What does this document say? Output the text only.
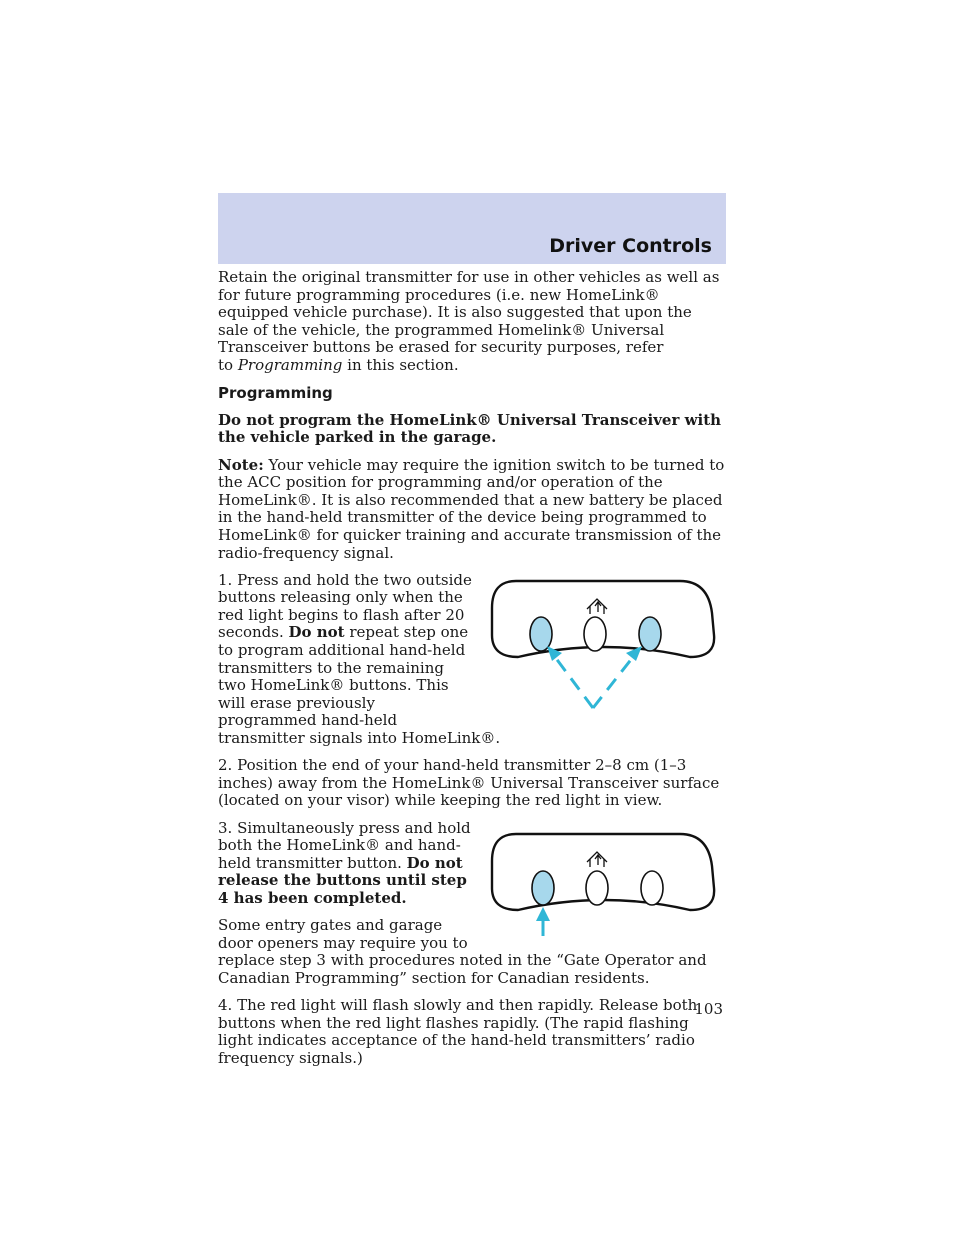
Driver Controls

Retain the original transmitter for use in other vehicles as well as for future programming procedures (i.e. new HomeLink® equipped vehicle purchase). It is also suggested that upon the sale of the vehicle, the programmed Homelink® Universal Transceiver buttons be erased for security purposes, refer to Programming in this section.

Programming

Do not program the HomeLink® Universal Transceiver with the vehicle parked in the garage.

Note: Your vehicle may require the ignition switch to be turned to the ACC position for programming and/or operation of the HomeLink®. It is also recommended that a new battery be placed in the hand-held transmitter of the device being programmed to HomeLink® for quicker training and accurate transmission of the radio-frequency signal.

1. Press and hold the two outside buttons releasing only when the red light begins to flash after 20 seconds. Do not repeat step one to program additional hand-held transmitters to the remaining two HomeLink® buttons. This will erase previously programmed hand-held transmitter signals into HomeLink®.

2. Position the end of your hand-held transmitter 2–8 cm (1–3 inches) away from the HomeLink® Universal Transceiver surface (located on your visor) while keeping the red light in view.

3. Simultaneously press and hold both the HomeLink® and hand-held transmitter button. Do not release the buttons until step 4 has been completed.

Some entry gates and garage door openers may require you to replace step 3 with procedures noted in the “Gate Operator and Canadian Programming” section for Canadian residents.

4. The red light will flash slowly and then rapidly. Release both buttons when the red light flashes rapidly. (The rapid flashing light indicates acceptance of the hand-held transmitters’ radio frequency signals.)

103
